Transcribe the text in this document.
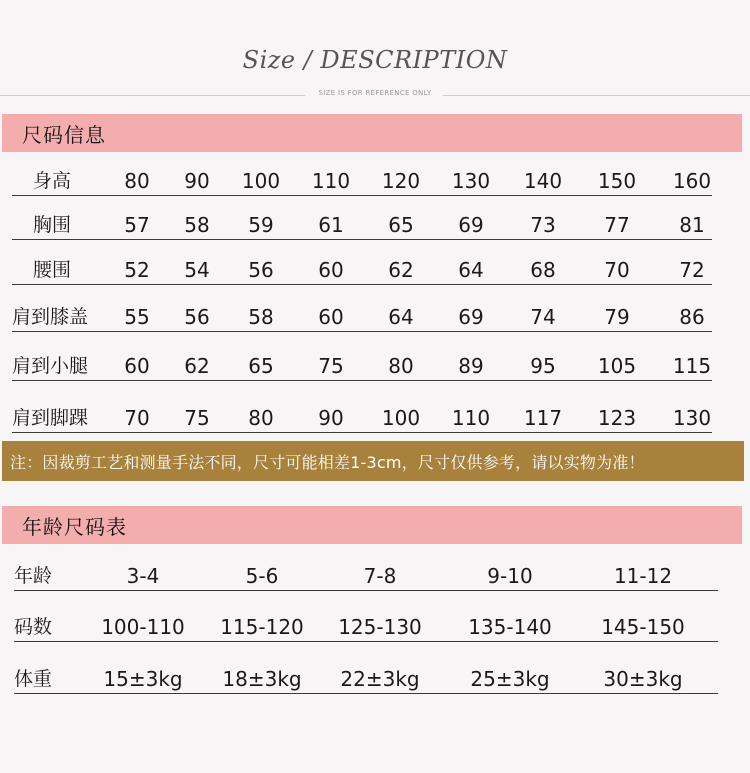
Size / DESCRIPTION
SIZE IS FOR REFERENCE ONLY
尺码信息
身高	80 90 100 110 120 130 140 150 160
胸围	57 58 59 61 65 69 73 77 81
腰围	52 54 56 60 62 64 68 70 72
肩到膝盖 55 56 58 60 64 69 74 79 86
肩到小腿 60 62 65 75 80 89 95 105 115
肩到脚踝 70 75 80 90 100 110 117 123 130
注：因裁剪工艺和测量手法不同，尺寸可能相差1-3cm，尺寸仅供参考，请以实物为准！
年龄尺码表
年龄	3-4	5-6	7-8	9-10	11-12
码数 100-110 115-120 125-130 135-140 145-150
体重	15±3kg 18±3kg 22±3kg	25±3kg	30±3kg
